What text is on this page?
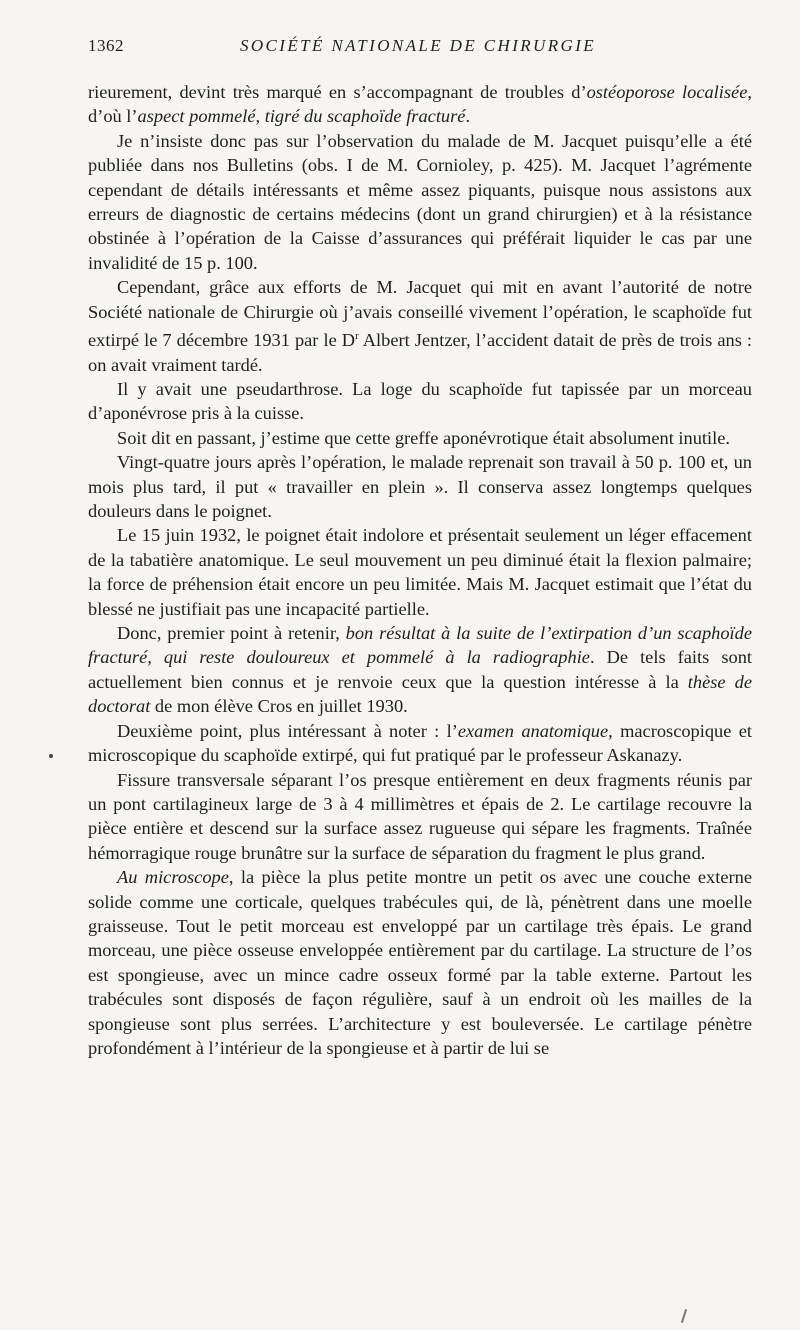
1362	SOCIÉTÉ NATIONALE DE CHIRURGIE

rieurement, devint très marqué en s’accompagnant de troubles d’ostéoporose localisée, d’où l’aspect pommelé, tigré du scaphoïde fracturé.

Je n’insiste donc pas sur l’observation du malade de M. Jacquet puisqu’elle a été publiée dans nos Bulletins (obs. I de M. Cornioley, p. 425). M. Jacquet l’agrémente cependant de détails intéressants et même assez piquants, puisque nous assistons aux erreurs de diagnostic de certains médecins (dont un grand chirurgien) et à la résistance obstinée à l’opération de la Caisse d’assurances qui préférait liquider le cas par une invalidité de 15 p. 100.

Cependant, grâce aux efforts de M. Jacquet qui mit en avant l’autorité de notre Société nationale de Chirurgie où j’avais conseillé vivement l’opération, le scaphoïde fut extirpé le 7 décembre 1931 par le $D^r$ Albert Jentzer, l’accident datait de près de trois ans : on avait vraiment tardé.

Il y avait une pseudarthrose. La loge du scaphoïde fut tapissée par un morceau d’aponévrose pris à la cuisse.

Soit dit en passant, j’estime que cette greffe aponévrotique était absolument inutile.

Vingt-quatre jours après l’opération, le malade reprenait son travail à 50 p. 100 et, un mois plus tard, il put « travailler en plein ». Il conserva assez longtemps quelques douleurs dans le poignet.

Le 15 juin 1932, le poignet était indolore et présentait seulement un léger effacement de la tabatière anatomique. Le seul mouvement un peu diminué était la flexion palmaire; la force de préhension était encore un peu limitée. Mais M. Jacquet estimait que l’état du blessé ne justifiait pas une incapacité partielle.

Donc, premier point à retenir, bon résultat à la suite de l’extirpation d’un scaphoïde fracturé, qui reste douloureux et pommelé à la radiographie. De tels faits sont actuellement bien connus et je renvoie ceux que la question intéresse à la thèse de doctorat de mon élève Cros en juillet 1930.

Deuxième point, plus intéressant à noter : l’examen anatomique, macroscopique et microscopique du scaphoïde extirpé, qui fut pratiqué par le professeur Askanazy.

Fissure transversale séparant l’os presque entièrement en deux fragments réunis par un pont cartilagineux large de 3 à 4 millimètres et épais de 2. Le cartilage recouvre la pièce entière et descend sur la surface assez rugueuse qui sépare les fragments. Traînée hémorragique rouge brunâtre sur la surface de séparation du fragment le plus grand.

Au microscope, la pièce la plus petite montre un petit os avec une couche externe solide comme une corticale, quelques trabécules qui, de là, pénètrent dans une moelle graisseuse. Tout le petit morceau est enveloppé par un cartilage très épais. Le grand morceau, une pièce osseuse enveloppée entièrement par du cartilage. La structure de l’os est spongieuse, avec un mince cadre osseux formé par la table externe. Partout les trabécules sont disposés de façon régulière, sauf à un endroit où les mailles de la spongieuse sont plus serrées. L’architecture y est bouleversée. Le cartilage pénètre profondément à l’intérieur de la spongieuse et à partir de lui se
